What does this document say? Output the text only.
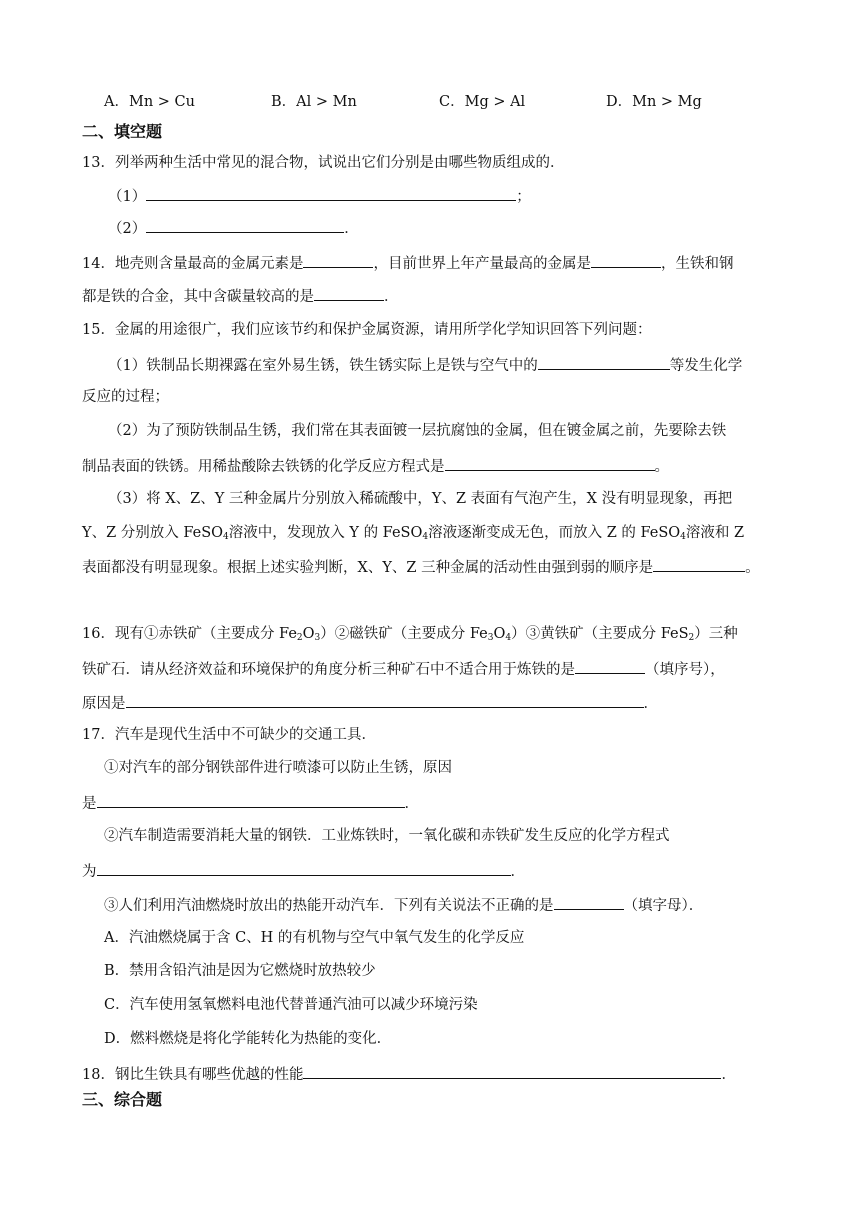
A．Mn > Cu	B．Al > Mn	C．Mg > Al	D．Mn > Mg
二、填空题
13．列举两种生活中常见的混合物，试说出它们分别是由哪些物质组成的．
（1）	；
（2）	．
14．地壳则含量最高的金属元素是	，目前世界上年产量最高的金属是	，生铁和钢
都是铁的合金，其中含碳量较高的是	．
15．金属的用途很广，我们应该节约和保护金属资源，请用所学化学知识回答下列问题：
（1）铁制品长期裸露在室外易生锈，铁生锈实际上是铁与空气中的	等发生化学
反应的过程；
（2）为了预防铁制品生锈，我们常在其表面镀一层抗腐蚀的金属，但在镀金属之前，先要除去铁
制品表面的铁锈。用稀盐酸除去铁锈的化学反应方程式是	。
（3）将 X、Z、Y 三种金属片分别放入稀硫酸中，Y、Z 表面有气泡产生，X 没有明显现象，再把
Y、Z 分别放入 FeSO$_4$溶液中，发现放入 Y 的 FeSO$_4$溶液逐渐变成无色，而放入 Z 的 FeSO$_4$溶液和 Z
表面都没有明显现象。根据上述实验判断，X、Y、Z 三种金属的活动性由强到弱的顺序是	。
16．现有①赤铁矿（主要成分 $Fe_2O_3)②$磁铁矿（主要成分 $Fe_3O_4)③$黄铁矿（主要成分 FeS$_2$）三种
铁矿石．请从经济效益和环境保护的角度分析三种矿石中不适合用于炼铁的是	（填序号），
原因是	．
17．汽车是现代生活中不可缺少的交通工具．
①对汽车的部分钢铁部件进行喷漆可以防止生锈，原因
是	．
②汽车制造需要消耗大量的钢铁．工业炼铁时，一氧化碳和赤铁矿发生反应的化学方程式
为	．
③人们利用汽油燃烧时放出的热能开动汽车．下列有关说法不正确的是	（填字母）．
A．汽油燃烧属于含 C、H 的有机物与空气中氧气发生的化学反应
B．禁用含铅汽油是因为它燃烧时放热较少
C．汽车使用氢氧燃料电池代替普通汽油可以减少环境污染
D．燃料燃烧是将化学能转化为热能的变化．
18．钢比生铁具有哪些优越的性能	．
三、综合题
